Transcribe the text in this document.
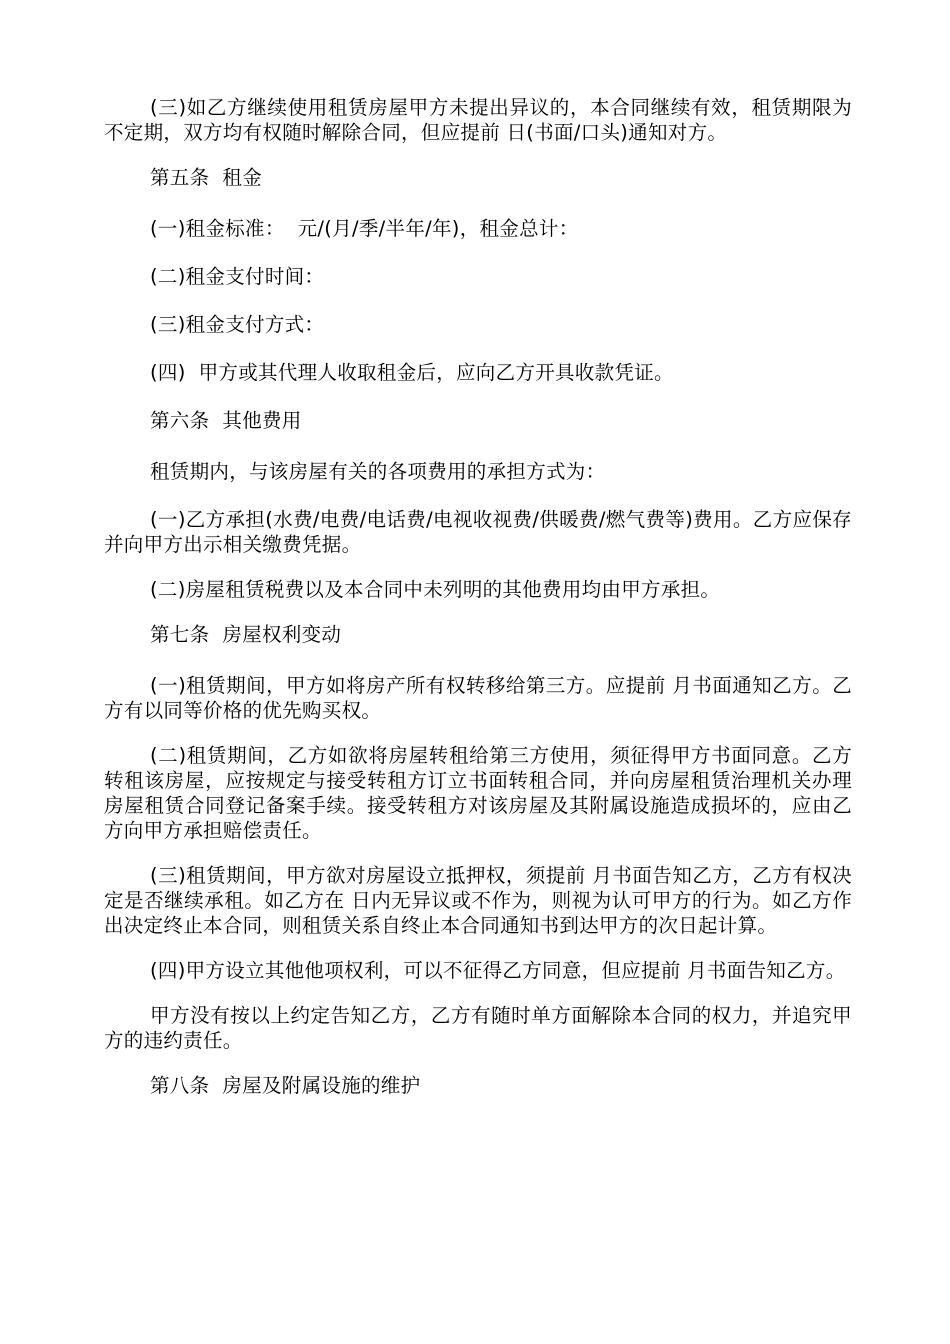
(三)如乙方继续使用租赁房屋甲方未提出异议的，本合同继续有效，租赁期限为不定期，双方均有权随时解除合同，但应提前 日(书面/口头)通知对方。

第五条  租金

(一)租金标准：  元/(月/季/半年/年)，租金总计：

(二)租金支付时间：

(三)租金支付方式：

(四)  甲方或其代理人收取租金后，应向乙方开具收款凭证。

第六条  其他费用

租赁期内，与该房屋有关的各项费用的承担方式为：

(一)乙方承担(水费/电费/电话费/电视收视费/供暖费/燃气费等)费用。乙方应保存并向甲方出示相关缴费凭据。

(二)房屋租赁税费以及本合同中未列明的其他费用均由甲方承担。

第七条  房屋权利变动

(一)租赁期间，甲方如将房产所有权转移给第三方。应提前 月书面通知乙方。乙方有以同等价格的优先购买权。

(二)租赁期间，乙方如欲将房屋转租给第三方使用，须征得甲方书面同意。乙方转租该房屋，应按规定与接受转租方订立书面转租合同，并向房屋租赁治理机关办理房屋租赁合同登记备案手续。接受转租方对该房屋及其附属设施造成损坏的，应由乙方向甲方承担赔偿责任。

(三)租赁期间，甲方欲对房屋设立抵押权，须提前 月书面告知乙方，乙方有权决定是否继续承租。如乙方在 日内无异议或不作为，则视为认可甲方的行为。如乙方作出决定终止本合同，则租赁关系自终止本合同通知书到达甲方的次日起计算。

(四)甲方设立其他他项权利，可以不征得乙方同意，但应提前 月书面告知乙方。

甲方没有按以上约定告知乙方，乙方有随时单方面解除本合同的权力，并追究甲方的违约责任。

第八条  房屋及附属设施的维护
